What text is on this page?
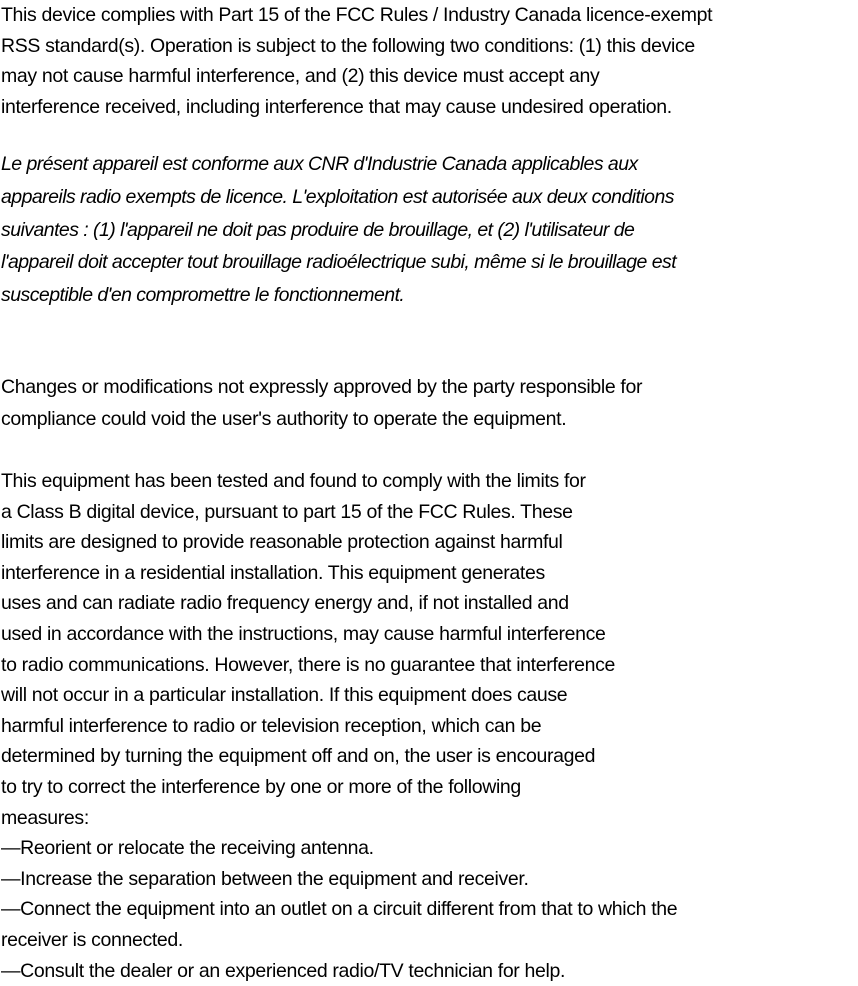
This device complies with Part 15 of the FCC Rules / Industry Canada licence-exempt
RSS standard(s). Operation is subject to the following two conditions: (1) this device
may not cause harmful interference, and (2) this device must accept any
interference received, including interference that may cause undesired operation.

Le présent appareil est conforme aux CNR d'Industrie Canada applicables aux
appareils radio exempts de licence. L'exploitation est autorisée aux deux conditions
suivantes : (1) l'appareil ne doit pas produire de brouillage, et (2) l'utilisateur de
l'appareil doit accepter tout brouillage radioélectrique subi, même si le brouillage est
susceptible d'en compromettre le fonctionnement.

Changes or modifications not expressly approved by the party responsible for
compliance could void the user's authority to operate the equipment.

This equipment has been tested and found to comply with the limits for
a Class B digital device, pursuant to part 15 of the FCC Rules. These
limits are designed to provide reasonable protection against harmful
interference in a residential installation. This equipment generates
uses and can radiate radio frequency energy and, if not installed and
used in accordance with the instructions, may cause harmful interference
to radio communications. However, there is no guarantee that interference
will not occur in a particular installation. If this equipment does cause
harmful interference to radio or television reception, which can be
determined by turning the equipment off and on, the user is encouraged
to try to correct the interference by one or more of the following
measures:
—Reorient or relocate the receiving antenna.
—Increase the separation between the equipment and receiver.
—Connect the equipment into an outlet on a circuit different from that to which the
receiver is connected.
—Consult the dealer or an experienced radio/TV technician for help.
